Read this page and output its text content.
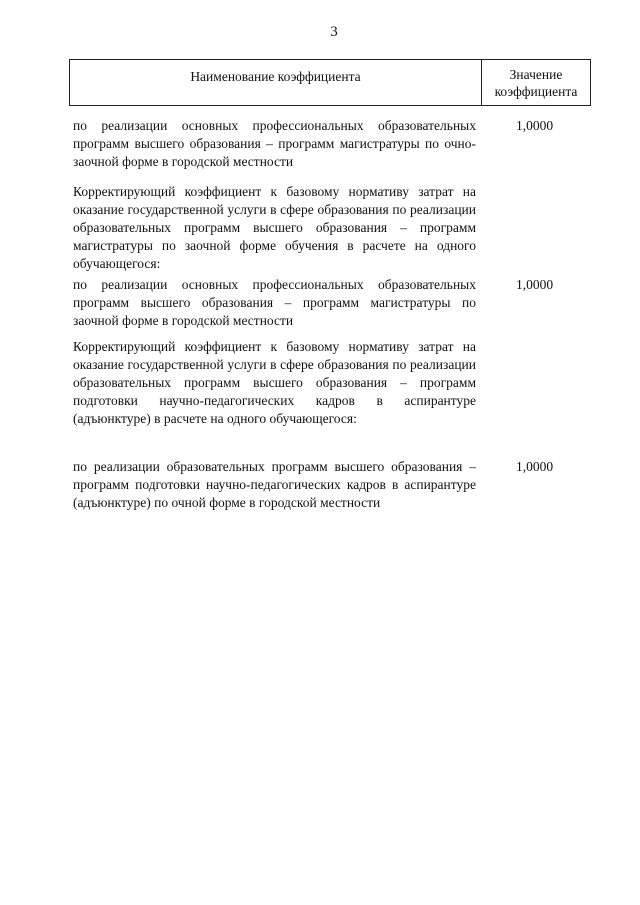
3
Наименование коэффициента	Значение
коэффициента
по реализации основных профессиональных образовательных программ высшего образования – программ магистратуры по очно-заочной форме в городской местности
1,0000
Корректирующий коэффициент к базовому нормативу затрат на оказание государственной услуги в сфере образования по реализации образовательных программ высшего образования – программ магистратуры по заочной форме обучения в расчете на одного обучающегося:
по реализации основных профессиональных образовательных программ высшего образования – программ магистратуры по заочной форме в городской местности
1,0000
Корректирующий коэффициент к базовому нормативу затрат на оказание государственной услуги в сфере образования по реализации образовательных программ высшего образования – программ подготовки научно-педагогических кадров в аспирантуре (адъюнктуре) в расчете на одного обучающегося:
по реализации образовательных программ высшего образования – программ подготовки научно-педагогических кадров в аспирантуре (адъюнктуре) по очной форме в городской местности
1,0000
